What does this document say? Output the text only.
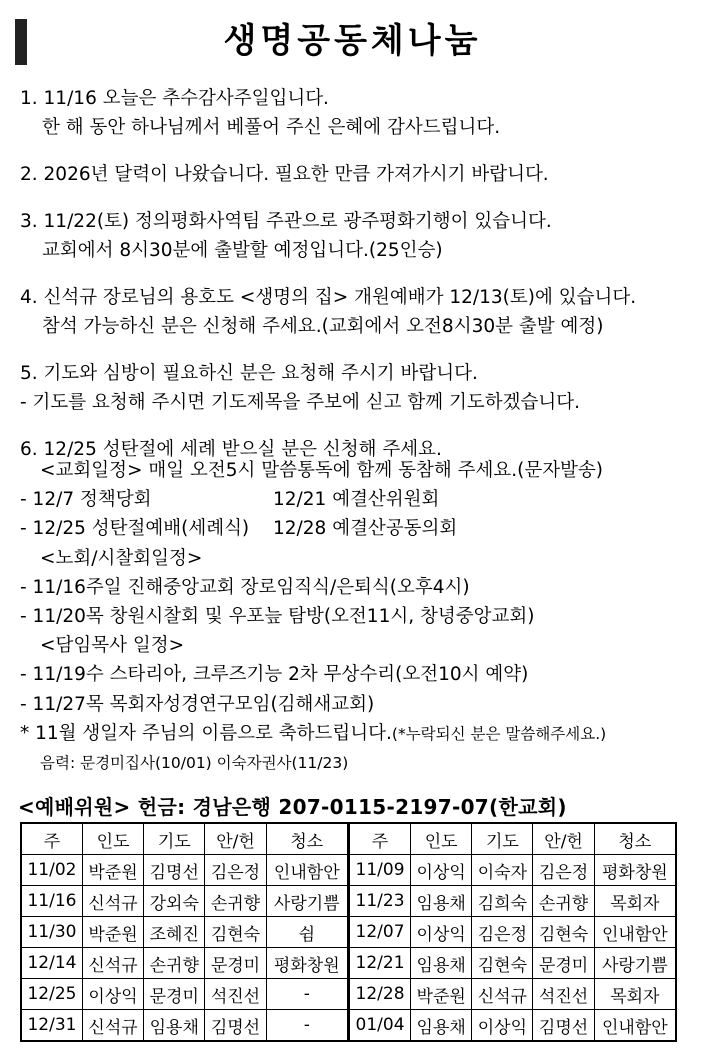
생명공동체나눔
1. 11/16 오늘은 추수감사주일입니다.
한 해 동안 하나님께서 베풀어 주신 은혜에 감사드립니다.
2. 2026년 달력이 나왔습니다. 필요한 만큼 가져가시기 바랍니다.
3. 11/22(토) 정의평화사역팀 주관으로 광주평화기행이 있습니다.
교회에서 8시30분에 출발할 예정입니다.(25인승)
4. 신석규 장로님의 용호도 <생명의 집> 개원예배가 12/13(토)에 있습니다.
참석 가능하신 분은 신청해 주세요.(교회에서 오전8시30분 출발 예정)
5. 기도와 심방이 필요하신 분은 요청해 주시기 바랍니다.
- 기도를 요청해 주시면 기도제목을 주보에 싣고 함께 기도하겠습니다.
6. 12/25 성탄절에 세례 받으실 분은 신청해 주세요.
<교회일정> 매일 오전5시 말씀통독에 함께 동참해 주세요.(문자발송)
- 12/7 정책당회	12/21 예결산위원회
- 12/25 성탄절예배(세례식) 12/28 예결산공동의회
<노회/시찰회일정>
- 11/16주일 진해중앙교회 장로임직식/은퇴식(오후4시)
- 11/20목 창원시찰회 및 우포늪 탐방(오전11시, 창녕중앙교회)
<담임목사 일정>
- 11/19수 스타리아, 크루즈기능 2차 무상수리(오전10시 예약)
- 11/27목 목회자성경연구모임(김해새교회)
* 11월 생일자 주님의 이름으로 축하드립니다.(*누락되신 분은 말씀해주세요.)
음력: 문경미집사(10/01) 이숙자권사(11/23)
<예배위원> 헌금: 경남은행 207-0115-2197-07(한교회)
주	인도	기도	안/헌	청소	주	인도	기도	안/헌	청소
11/02	박준원	김명선	김은정	인내함안	11/09	이상익	이숙자	김은정	평화창원
11/16	신석규	강외숙	손귀향	사랑기쁨	11/23	임용채	김희숙	손귀향	목회자
11/30	박준원	조혜진	김현숙	쉼	12/07	이상익	김은정	김현숙	인내함안
12/14	신석규	손귀향	문경미	평화창원	12/21	임용채	김현숙	문경미	사랑기쁨
12/25	이상익	문경미	석진선	-	12/28	박준원	신석규	석진선	목회자
12/31	신석규	임용채	김명선	-	01/04	임용채	이상익	김명선	인내함안
